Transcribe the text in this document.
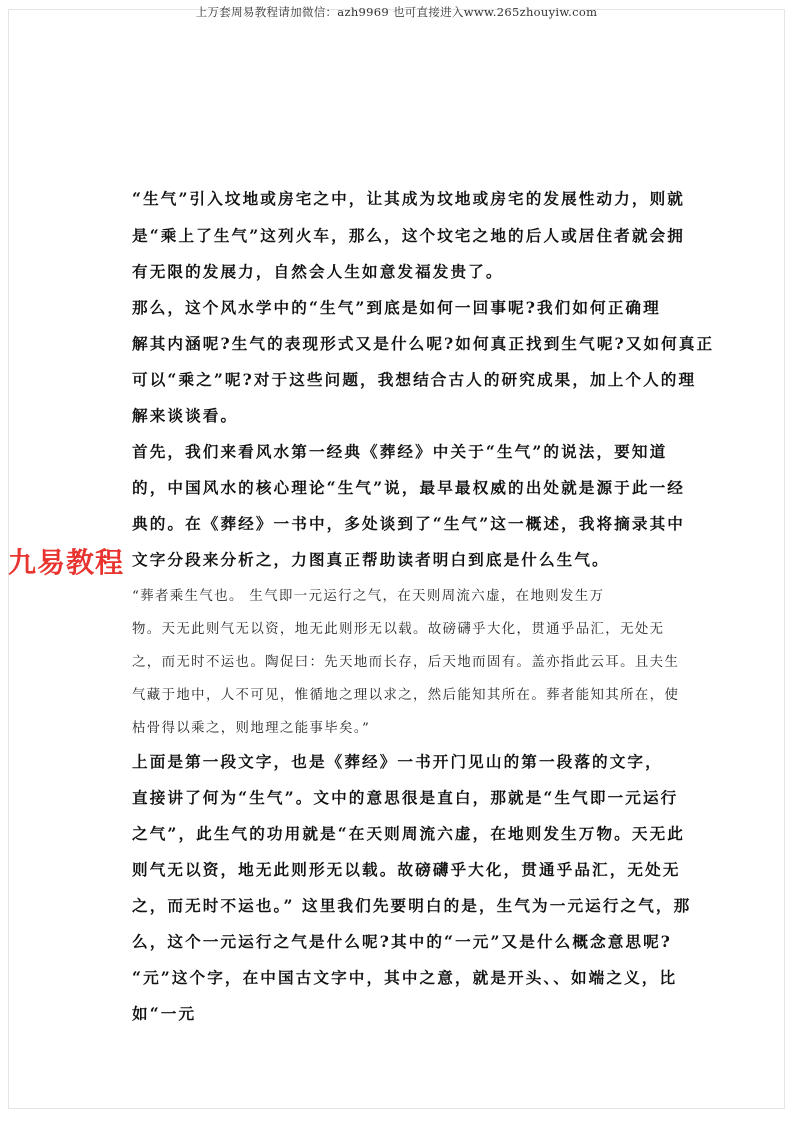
上万套周易教程请加微信：azh9969 也可直接进入www.265zhouyiw.com
“生气”引入坟地或房宅之中，让其成为坟地或房宅的发展性动力，则就
是“乘上了生气”这列火车，那么，这个坟宅之地的后人或居住者就会拥
有无限的发展力，自然会人生如意发福发贵了。
那么，这个风水学中的“生气”到底是如何一回事呢?我们如何正确理
解其内涵呢?生气的表现形式又是什么呢?如何真正找到生气呢?又如何真正
可以“乘之”呢?对于这些问题，我想结合古人的研究成果，加上个人的理
解来谈谈看。
首先，我们来看风水第一经典《葬经》中关于“生气”的说法，要知道
的，中国风水的核心理论“生气”说，最早最权威的出处就是源于此一经
典的。在《葬经》一书中，多处谈到了“生气”这一概述，我将摘录其中
文字分段来分析之，力图真正帮助读者明白到底是什么生气。
“葬者乘生气也。 生气即一元运行之气，在天则周流六虚，在地则发生万
物。天无此则气无以资，地无此则形无以载。故磅礴乎大化，贯通乎品汇，无处无
之，而无时不运也。陶促曰：先天地而长存，后天地而固有。盖亦指此云耳。且夫生
气藏于地中，人不可见，惟循地之理以求之，然后能知其所在。葬者能知其所在，使
枯骨得以乘之，则地理之能事毕矣。”
上面是第一段文字，也是《葬经》一书开门见山的第一段落的文字，
直接讲了何为“生气”。文中的意思很是直白，那就是“生气即一元运行
之气”，此生气的功用就是“在天则周流六虚，在地则发生万物。天无此
则气无以资，地无此则形无以载。故磅礴乎大化，贯通乎品汇，无处无
之，而无时不运也。” 这里我们先要明白的是，生气为一元运行之气，那
么，这个一元运行之气是什么呢?其中的“一元”又是什么概念意思呢?
“元”这个字，在中国古文字中，其中之意，就是开头、、如端之义，比
如“一元
九易教程
